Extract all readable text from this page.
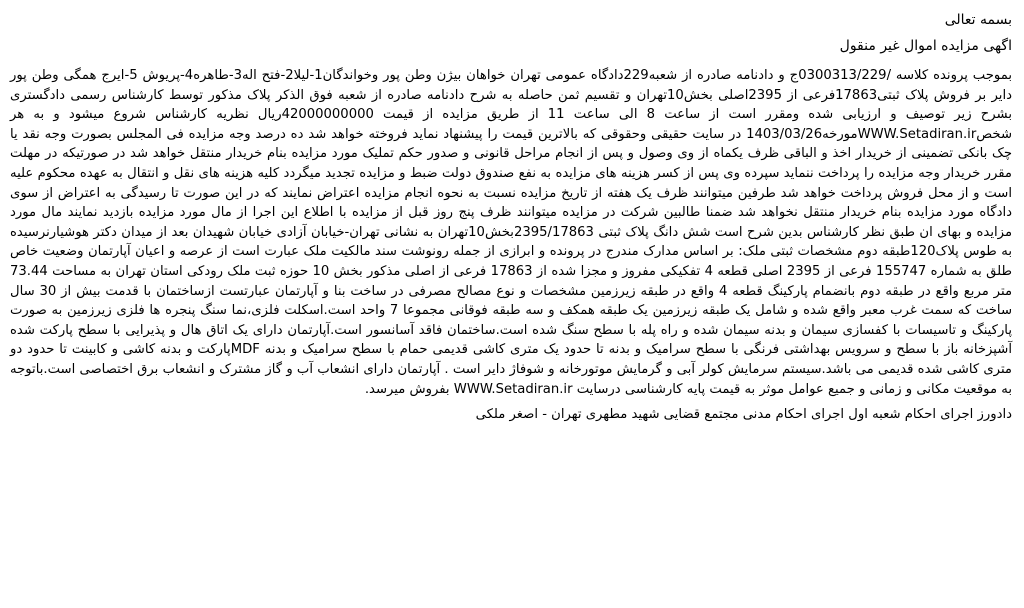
بسمه تعالی
اگهی مزایده اموال غیر منقول
بموجب پرونده کلاسه /0300313/229ج و دادنامه صادره از شعبه229دادگاه عمومی تهران خواهان بیژن وطن پور وخواندگان1-لیلا2-فتح اله3-طاهره4-پریوش 5-ایرج همگی وطن پور دایر بر فروش پلاک ثبتی17863فرعی از 2395اصلی بخش10تهران و تقسیم ثمن حاصله به شرح دادنامه صادره از شعبه فوق الذکر پلاک مذکور توسط کارشناس رسمی دادگستری بشرح زیر توصیف و ارزیابی شده ومقرر است از ساعت 8 الی ساعت 11 از طریق مزایده از قیمت 42000000000ریال نظریه کارشناس شروع میشود و به هر شخصWWW.Setadiran.irمورخه1403/03/26 در سایت حقیقی وحقوقی که بالاترین قیمت را پیشنهاد نماید فروخته خواهد شد ده درصد وجه مزایده فی المجلس بصورت وجه نقد یا چک بانکی تضمینی از خریدار اخذ و الباقی ظرف یکماه از وی وصول و پس از انجام مراحل قانونی و صدور حکم تملیک مورد مزایده بنام خریدار منتقل خواهد شد در صورتیکه در مهلت مقرر خریدار وجه مزایده را پرداخت ننماید سپرده وی پس از کسر هزینه های مزایده به نفع صندوق دولت ضبط و مزایده تجدید میگردد کلیه هزینه های نقل و انتقال به عهده محکوم علیه است و از محل فروش پرداخت خواهد شد طرفین میتوانند ظرف یک هفته از تاریخ مزایده نسبت به نحوه انجام مزایده اعتراض نمایند که در این صورت تا رسیدگی به اعتراض از سوی دادگاه مورد مزایده بنام خریدار منتقل نخواهد شد ضمنا طالبین شرکت در مزایده میتوانند ظرف پنج روز قبل از مزایده با اطلاع این اجرا از مال مورد مزایده بازدید نمایند مال مورد مزایده و بهای ان طبق نظر کارشناس بدین شرح است شش دانگ پلاک ثبتی 2395/17863بخش10تهران به نشانی تهران-خیابان آزادی خیابان شهیدان بعد از میدان دکتر هوشیارنرسیده به طوس پلاک120طبقه دوم مشخصات ثبتی ملک: بر اساس مدارک مندرج در پرونده و ابرازی از جمله رونوشت سند مالکیت ملک عبارت است از عرصه و اعیان آپارتمان وضعیت خاص طلق به شماره 155747 فرعی از 2395 اصلی قطعه 4 تفکیکی مفروز و مجزا شده از 17863 فرعی از اصلی مذکور بخش 10 حوزه ثبت ملک رودکی استان تهران به مساحت 73.44 متر مربع واقع در طبقه دوم بانضمام پارکینگ قطعه 4 واقع در طبقه زیرزمین مشخصات و نوع مصالح مصرفی در ساخت بنا و آپارتمان عبارتست ازساختمان با قدمت بیش از 30 سال ساخت که سمت غرب معبر واقع شده و شامل یک طبقه زیرزمین یک طبقه همکف و سه طبقه فوقانی مجموعا 7 واحد است.اسکلت فلزی،نما سنگ پنجره ها فلزی زیرزمین به صورت پارکینگ و تاسیسات با کفسازی سیمان و بدنه سیمان شده و راه پله با سطح سنگ شده است.ساختمان فاقد آسانسور است.آپارتمان دارای یک اتاق هال و پذیرایی با سطح پارکت شده آشپزخانه باز با سطح و سرویس بهداشتی فرنگی با سطح سرامیک و بدنه تا حدود یک متری کاشی قدیمی حمام با سطح سرامیک و بدنه MDFپارکت و بدنه کاشی و کابینت تا حدود دو متری کاشی شده قدیمی می باشد.سیستم سرمایش کولر آبی و گرمایش موتورخانه و شوفاژ دایر است . آپارتمان دارای انشعاب آب و گاز مشترک و انشعاب برق اختصاصی است.باتوجه به موقعیت مکانی و زمانی و جمیع عوامل موثر به قیمت پایه کارشناسی درسایت WWW.Setadiran.ir بفروش میرسد.
دادورز اجرای احکام شعبه اول اجرای احکام مدنی مجتمع قضایی شهید مطهری تهران - اصغر ملکی
